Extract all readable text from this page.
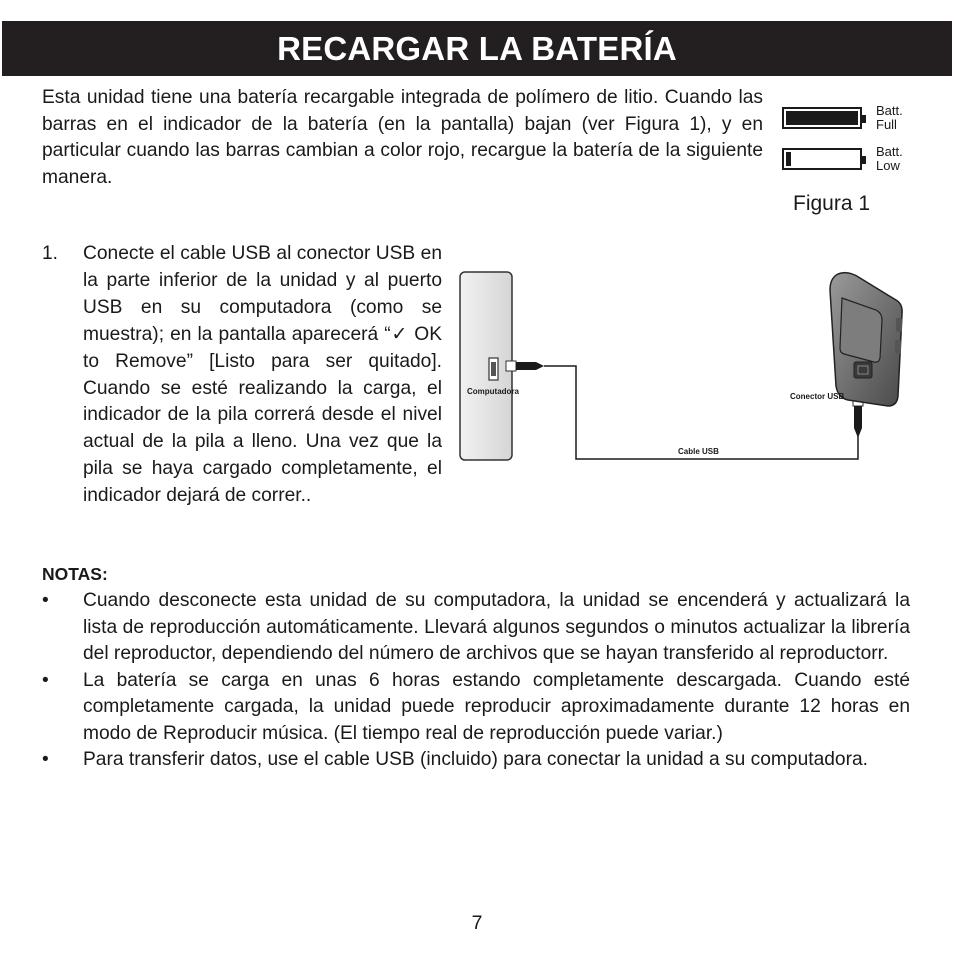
RECARGAR LA BATERÍA

Esta unidad tiene una batería recargable integrada de polímero de litio. Cuando las barras en el indicador de la batería (en la pantalla) bajan (ver Figura 1), y en particular cuando las barras cambian a color rojo, recargue la batería de la siguiente manera.

Batt.
Full
Batt.
Low
Figura 1
1. Conecte el cable USB al conector USB en la parte inferior de la unidad y al puerto USB en su computadora (como se muestra); en la pantalla aparecerá “✓ OK to Remove” [Listo para ser quitado]. Cuando se esté realizando la carga, el indicador de la pila correrá desde el nivel actual de la pila a lleno. Una vez que la pila se haya cargado completamente, el indicador dejará de correr..
Computadora
Conector USB
Cable USB
NOTAS:
• Cuando desconecte esta unidad de su computadora, la unidad se encenderá y actualizará la lista de reproducción automáticamente. Llevará algunos segundos o minutos actualizar la librería del reproductor, dependiendo del número de archivos que se hayan transferido al reproductorr.
• La batería se carga en unas 6 horas estando completamente descargada. Cuando esté completamente cargada, la unidad puede reproducir aproximadamente durante 12 horas en modo de Reproducir música. (El tiempo real de reproducción puede variar.)
• Para transferir datos, use el cable USB (incluido) para conectar la unidad a su computadora.
7
